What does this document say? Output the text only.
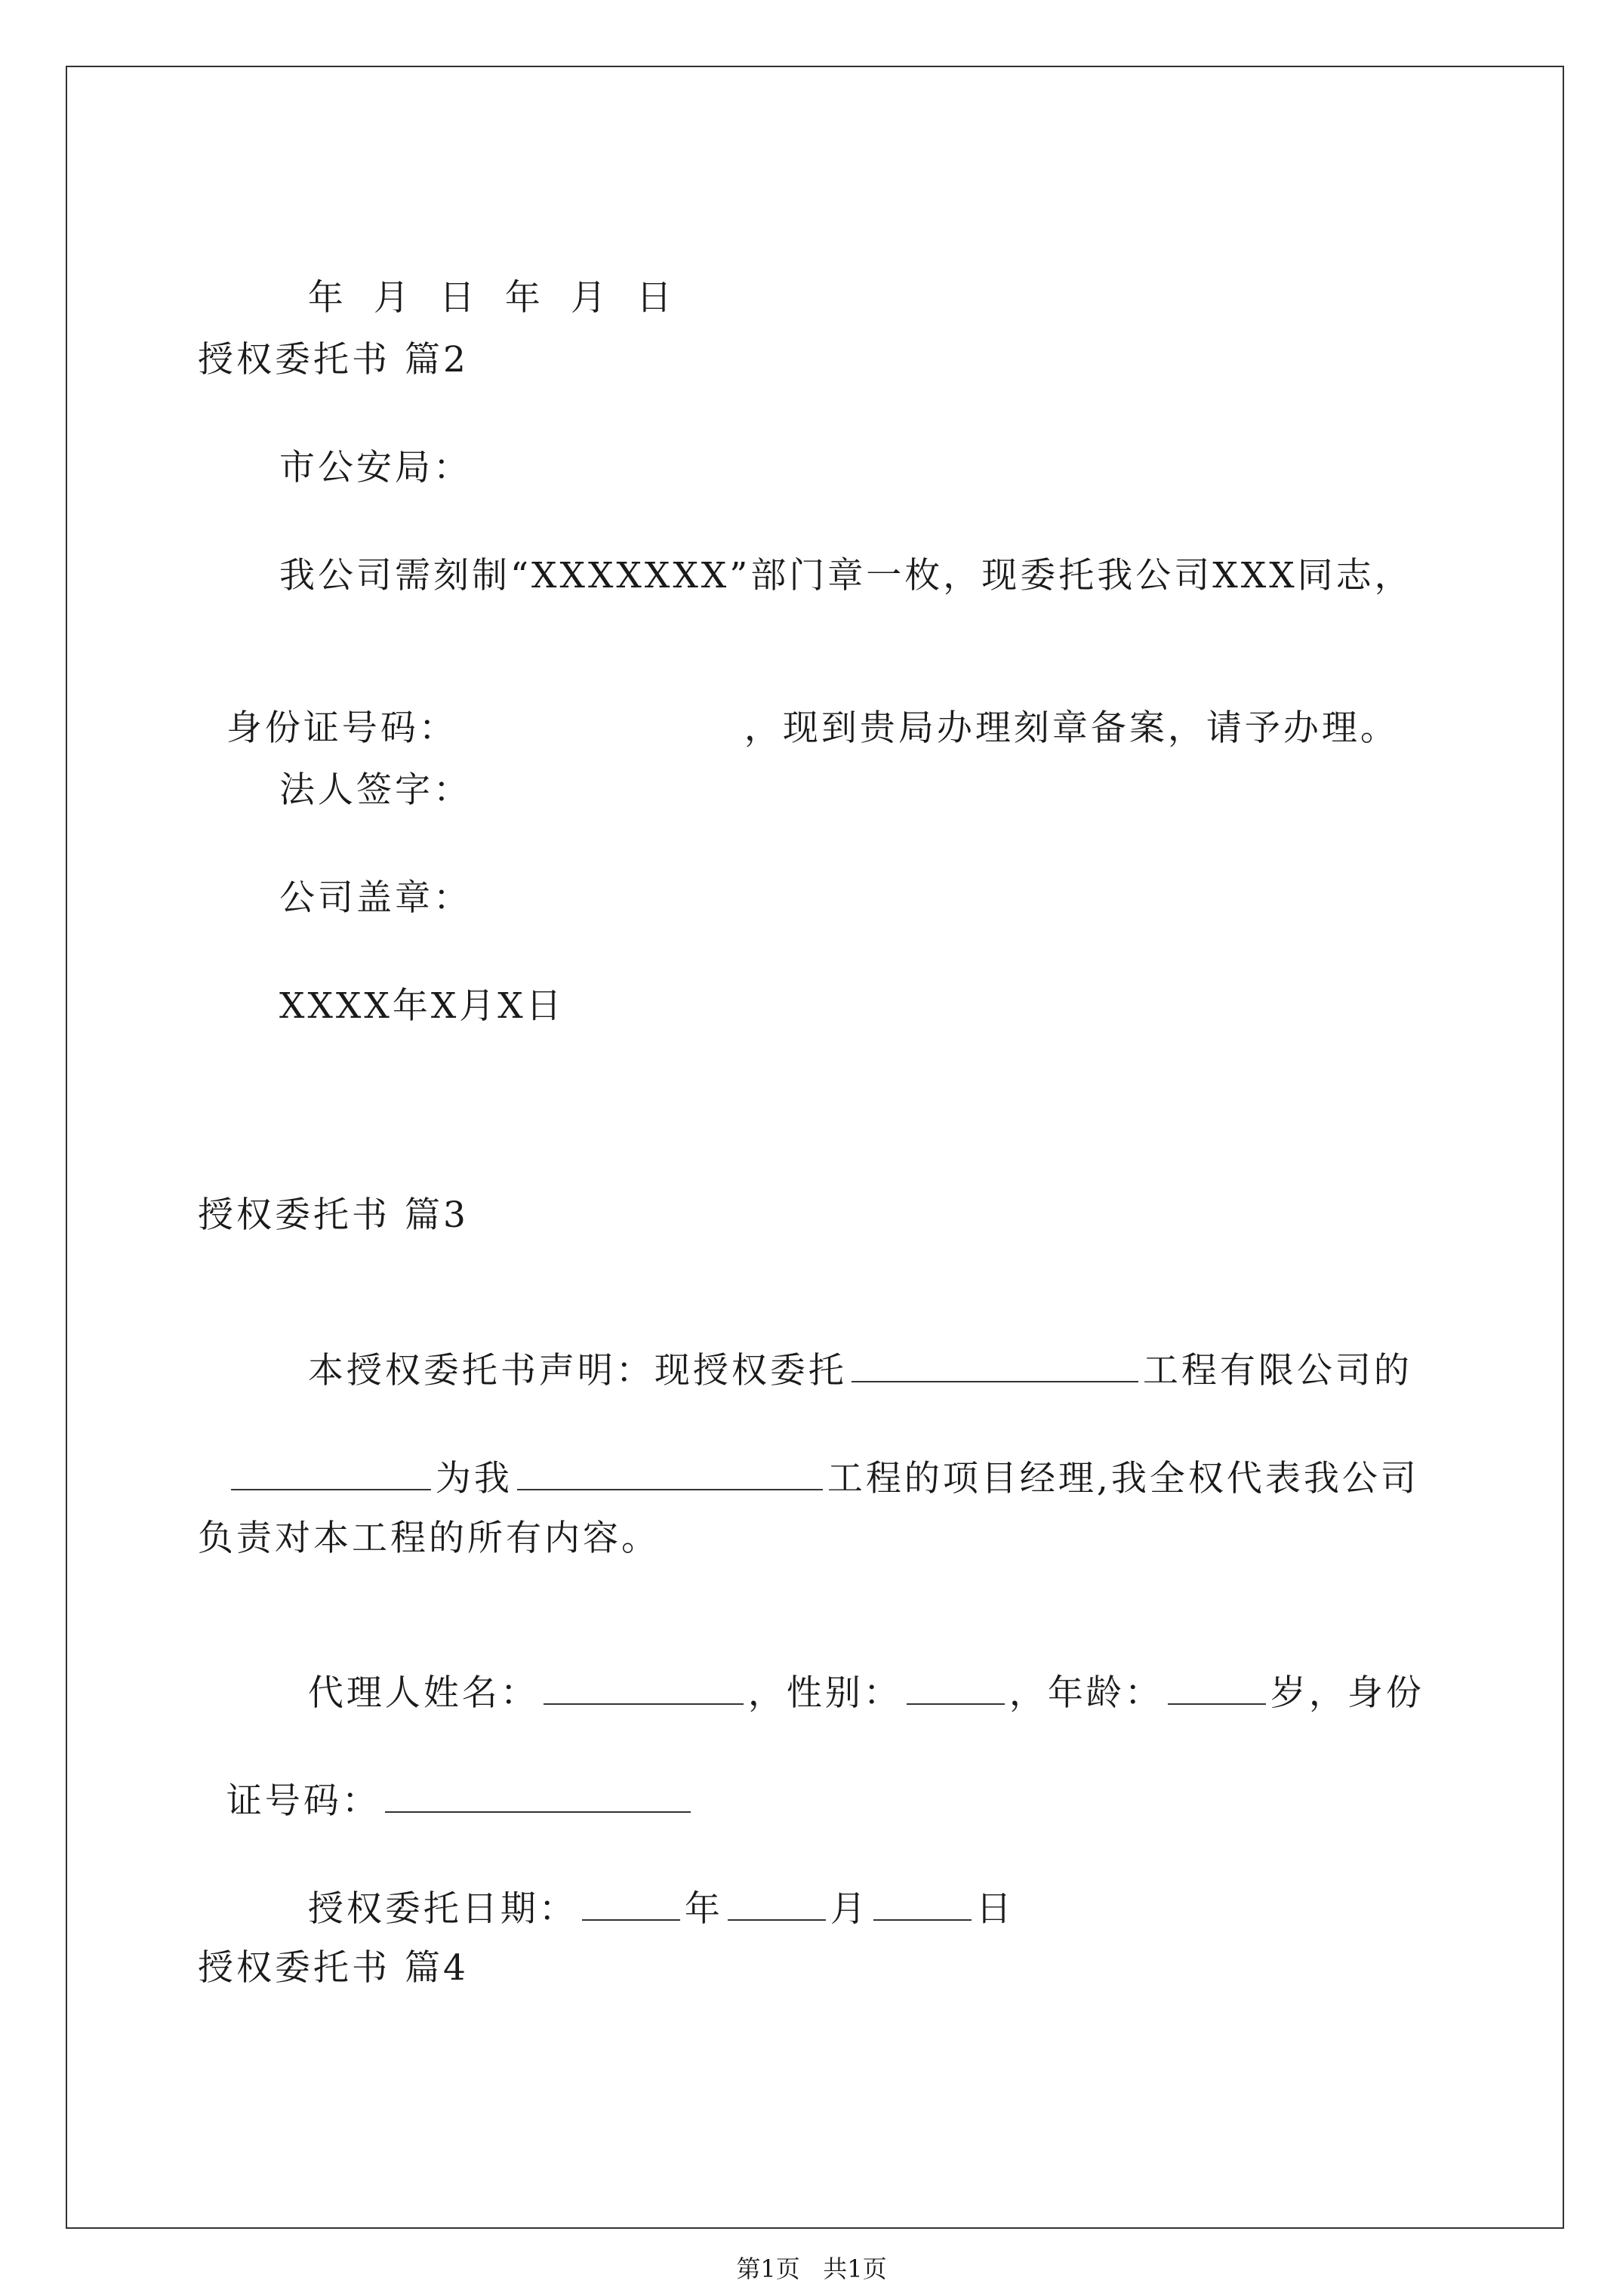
年 月 日 年 月 日

授权委托书 篇2
市公安局：
我公司需刻制“XXXXXXX”部门章一枚，现委托我公司XXX同志，

身份证号码：	，现到贵局办理刻章备案，请予办理。

法人签字：
公司盖章：
XXXX年X月X日
授权委托书 篇3

本授权委托书声明：现授权委托	工程有限公司的

为我	工程的项目经理,我全权代表我公司

负责对本工程的所有内容。

代理人姓名：	，性别：	，年龄：	岁，身份

证号码：

授权委托日期：	年	月	日

授权委托书 篇4
第1页   共1页
